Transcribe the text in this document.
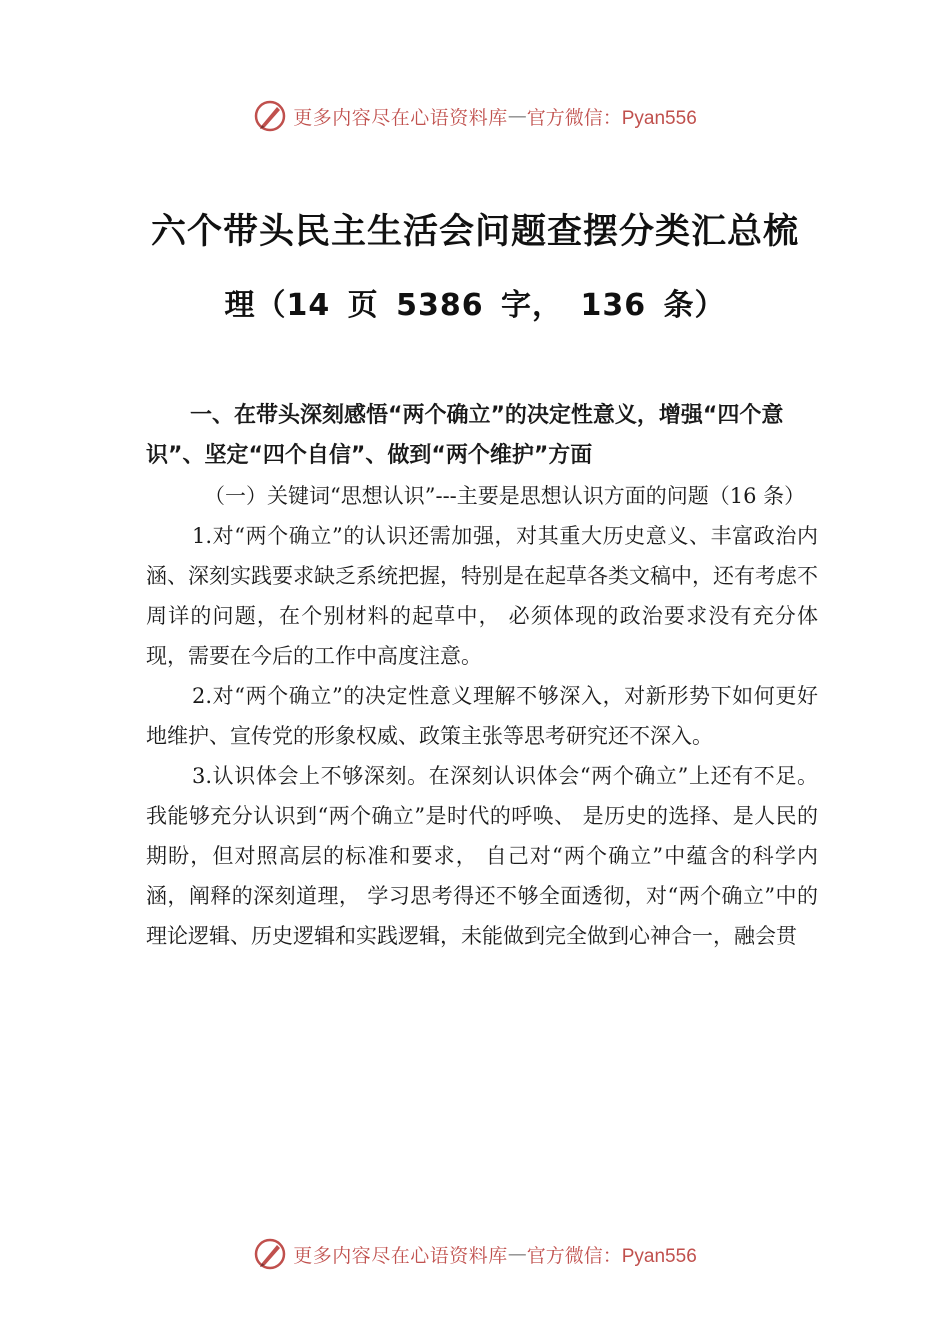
更多内容尽在心语资料库 — 官方微信：Pyan556
六个带头民主生活会问题查摆分类汇总梳
理（14 页 5386 字， 136 条）

一、在带头深刻感悟“两个确立”的决定性意义，增强“四个意识”、坚定“四个自信”、做到“两个维护”方面

（一）关键词“思想认识”---主要是思想认识方面的问题（16 条）

1.对“两个确立”的认识还需加强，对其重大历史意义、丰富政治内涵、深刻实践要求缺乏系统把握，特别是在起草各类文稿中，还有考虑不周详的问题，在个别材料的起草中， 必须体现的政治要求没有充分体现，需要在今后的工作中高度注意。

2.对“两个确立”的决定性意义理解不够深入，对新形势下如何更好地维护、宣传党的形象权威、政策主张等思考研究还不深入。

3.认识体会上不够深刻。在深刻认识体会“两个确立”上还有不足。我能够充分认识到“两个确立”是时代的呼唤、 是历史的选择、是人民的期盼，但对照高层的标准和要求， 自己对“两个确立”中蕴含的科学内涵，阐释的深刻道理， 学习思考得还不够全面透彻，对“两个确立”中的理论逻辑、历史逻辑和实践逻辑，未能做到完全做到心神合一，融会贯

更多内容尽在心语资料库 — 官方微信：Pyan556
